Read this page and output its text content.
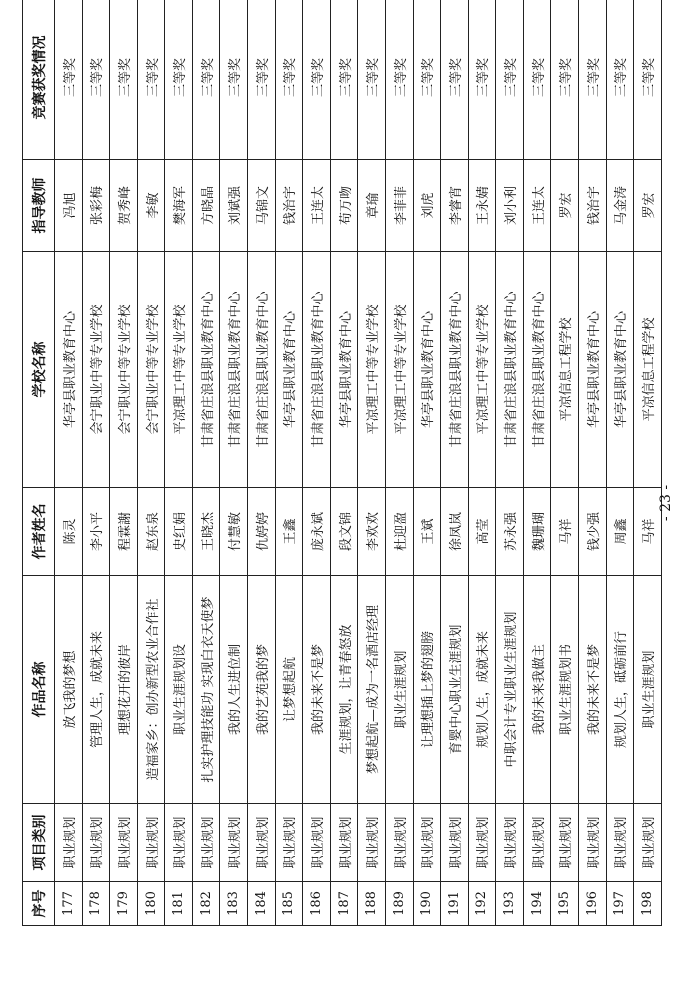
序号	项目类别	作品名称	作者姓名	学校名称	指导教师	竞赛获奖情况
177	职业规划	放飞我的梦想	陈灵	华亭县职业教育中心	冯旭	三等奖
178	职业规划	管理人生，成就未来	李小平	会宁职业中等专业学校	张彩梅	三等奖
179	职业规划	理想花开的彼岸	程霖謝	会宁职业中等专业学校	贺秀峰	三等奖
180	职业规划	造福家乡：创办新型农业合作社	赵东泉	会宁职业中等专业学校	李敏	三等奖
181	职业规划	职业生涯规划设	史红娟	平凉理工中等专业学校	樊海军	三等奖
182	职业规划	扎实护理技能功 实现白衣天使梦	王晓杰	甘肃省庄浪县职业教育中心	方晓晶	三等奖
183	职业规划	我的人生进位制	付慧敏	甘肃省庄浪县职业教育中心	刘斌强	三等奖
184	职业规划	我的艺苑我的梦	仇婷婷	甘肃省庄浪县职业教育中心	马锦文	三等奖
185	职业规划	让梦想起航	王鑫	华亭县职业教育中心	钱治宇	三等奖
186	职业规划	我的未来不是梦	庞永斌	甘肃省庄浪县职业教育中心	王连太	三等奖
187	职业规划	生涯规划，让青春怒放	段文锦	华亭县职业教育中心	苟万吻	三等奖
188	职业规划	梦想起航—成为一名酒店经理	李欢欢	平凉理工中等专业学校	章瑜	三等奖
189	职业规划	职业生涯规划	杜迎盈	平凉理工中等专业学校	李菲菲	三等奖
190	职业规划	让理想插上梦的翅膀	王斌	华亭县职业教育中心	刘虎	三等奖
191	职业规划	育婴中心职业生涯规划	徐凤岚	甘肃省庄浪县职业教育中心	李睿宵	三等奖
192	职业规划	规划人生，成就未来	高莹	平凉理工中等专业学校	王永婧	三等奖
193	职业规划	中职会计专业职业生涯规划	苏永强	甘肃省庄浪县职业教育中心	刘小利	三等奖
194	职业规划	我的未来我做主	魏珊瑚	甘肃省庄浪县职业教育中心	王连太	三等奖
195	职业规划	职业生涯规划书	马祥	平凉信息工程学校	罗宏	三等奖
196	职业规划	我的未来不是梦	钱少强	华亭县职业教育中心	钱治宇	三等奖
197	职业规划	规划人生，砥砺前行	周鑫	华亭县职业教育中心	马金涛	三等奖
198	职业规划	职业生涯规划	马祥	平凉信息工程学校	罗宏	三等奖
- 23 -
